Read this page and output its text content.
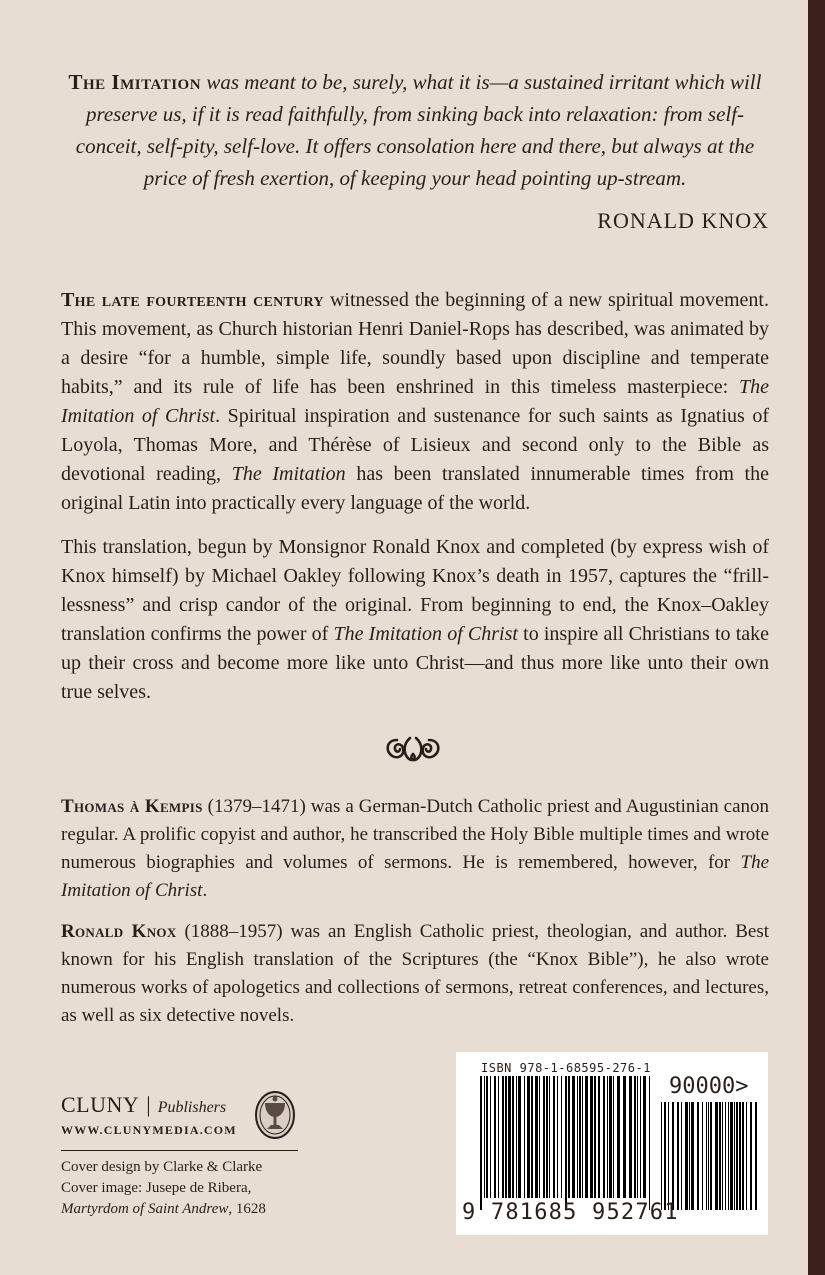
The Imitation was meant to be, surely, what it is—a sustained irritant which will preserve us, if it is read faithfully, from sinking back into relaxation: from self-conceit, self-pity, self-love. It offers consolation here and there, but always at the price of fresh exertion, of keeping your head pointing up-stream.

RONALD KNOX

The late fourteenth century witnessed the beginning of a new spiritual movement. This movement, as Church historian Henri Daniel-Rops has described, was animated by a desire “for a humble, simple life, soundly based upon discipline and temperate habits,” and its rule of life has been enshrined in this timeless masterpiece: The Imitation of Christ. Spiritual inspiration and sustenance for such saints as Ignatius of Loyola, Thomas More, and Thérèse of Lisieux and second only to the Bible as devotional reading, The Imitation has been translated innumerable times from the original Latin into practically every language of the world.

This translation, begun by Monsignor Ronald Knox and completed (by express wish of Knox himself) by Michael Oakley following Knox’s death in 1957, captures the “frill-lessness” and crisp candor of the original. From beginning to end, the Knox–Oakley translation confirms the power of The Imitation of Christ to inspire all Christians to take up their cross and become more like unto Christ—and thus more like unto their own true selves.

Thomas à Kempis (1379–1471) was a German-Dutch Catholic priest and Augustinian canon regular. A prolific copyist and author, he transcribed the Holy Bible multiple times and wrote numerous biographies and volumes of sermons. He is remembered, however, for The Imitation of Christ.

Ronald Knox (1888–1957) was an English Catholic priest, theologian, and author. Best known for his English translation of the Scriptures (the “Knox Bible”), he also wrote numerous works of apologetics and collections of sermons, retreat conferences, and lectures, as well as six detective novels.

CLUNY | Publishers
WWW.CLUNYMEDIA.COM
Cover design by Clarke & Clarke
Cover image: Jusepe de Ribera,
Martyrdom of Saint Andrew, 1628
ISBN 978-1-68595-276-1
90000>
9 781685 952761
